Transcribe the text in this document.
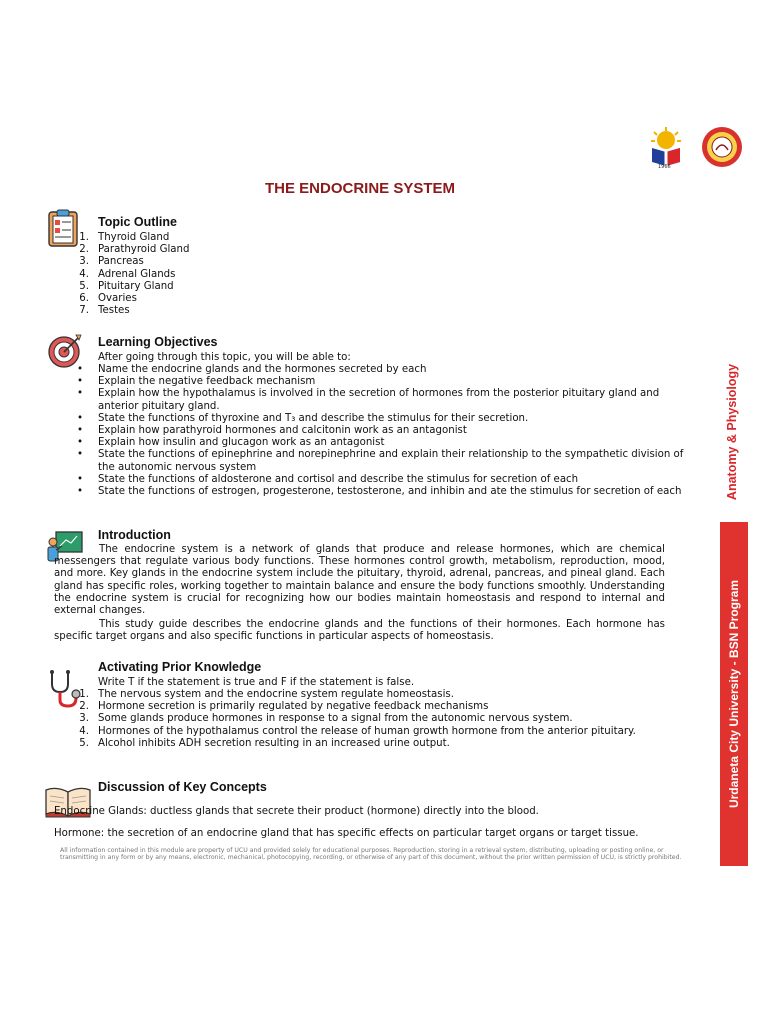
1966
THE ENDOCRINE SYSTEM
Topic Outline
1. Thyroid Gland
2. Parathyroid Gland
3. Pancreas
4. Adrenal Glands
5. Pituitary Gland
6. Ovaries
7. Testes
Learning Objectives
After going through this topic, you will be able to:
• Name the endocrine glands and the hormones secreted by each
• Explain the negative feedback mechanism
• Explain how the hypothalamus is involved in the secretion of hormones from the posterior pituitary gland and anterior pituitary gland.
• State the functions of thyroxine and T₃ and describe the stimulus for their secretion.
• Explain how parathyroid hormones and calcitonin work as an antagonist
• Explain how insulin and glucagon work as an antagonist
• State the functions of epinephrine and norepinephrine and explain their relationship to the sympathetic division of the autonomic nervous system
• State the functions of aldosterone and cortisol and describe the stimulus for secretion of each
• State the functions of estrogen, progesterone, testosterone, and inhibin and ate the stimulus for secretion of each
Introduction
The endocrine system is a network of glands that produce and release hormones, which are chemical messengers that regulate various body functions. These hormones control growth, metabolism, reproduction, mood, and more. Key glands in the endocrine system include the pituitary, thyroid, adrenal, pancreas, and pineal gland. Each gland has specific roles, working together to maintain balance and ensure the body functions smoothly. Understanding the endocrine system is crucial for recognizing how our bodies maintain homeostasis and respond to internal and external changes.
This study guide describes the endocrine glands and the functions of their hormones. Each hormone has specific target organs and also specific functions in particular aspects of homeostasis.
Activating Prior Knowledge
Write T if the statement is true and F if the statement is false.
1. The nervous system and the endocrine system regulate homeostasis.
2. Hormone secretion is primarily regulated by negative feedback mechanisms
3. Some glands produce hormones in response to a signal from the autonomic nervous system.
4. Hormones of the hypothalamus control the release of human growth hormone from the anterior pituitary.
5. Alcohol inhibits ADH secretion resulting in an increased urine output.
Discussion of Key Concepts
Endocrine Glands: ductless glands that secrete their product (hormone) directly into the blood.
Hormone: the secretion of an endocrine gland that has specific effects on particular target organs or target tissue.
All information contained in this module are property of UCU and provided solely for educational purposes. Reproduction, storing in a retrieval system, distributing, uploading or posting online, or transmitting in any form or by any means, electronic, mechanical, photocopying, recording, or otherwise of any part of this document, without the prior written permission of UCU, is strictly prohibited.
Anatomy & Physiology
Urdaneta City University - BSN Program
